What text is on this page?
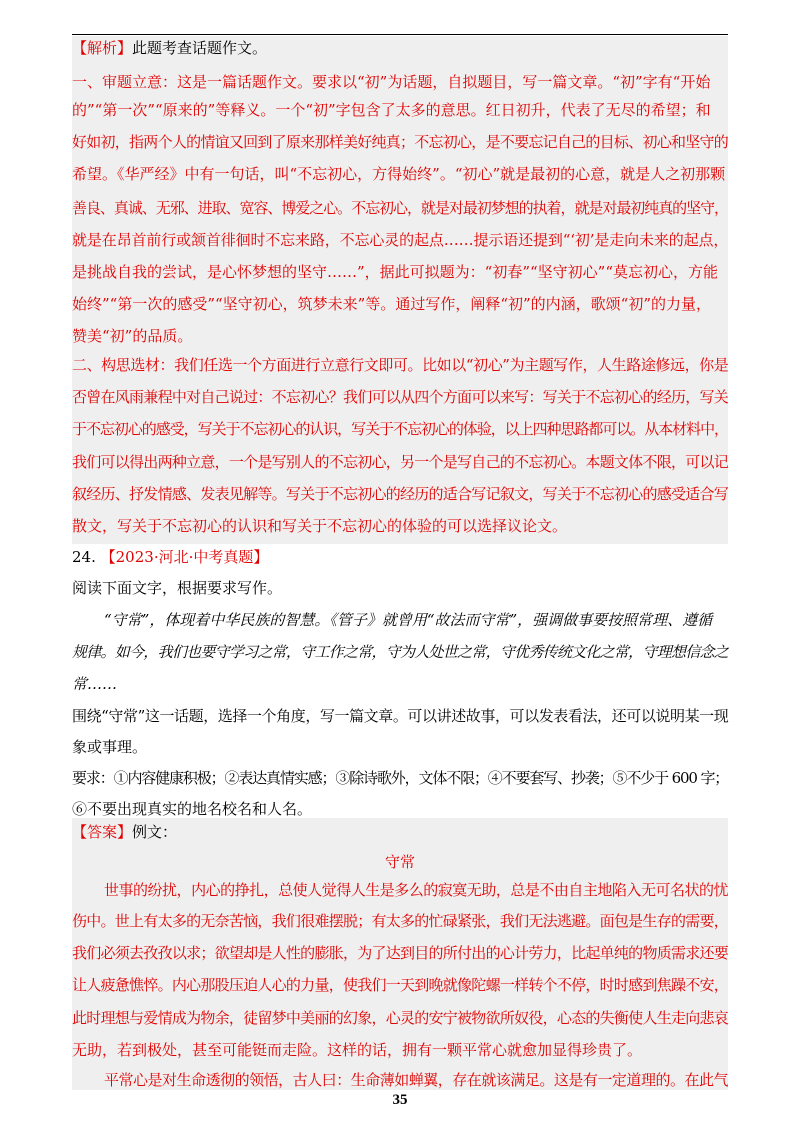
【解析】此题考查话题作文。
一、审题立意：这是一篇话题作文。要求以“初”为话题，自拟题目，写一篇文章。“初”字有“开始
的”“第一次”“原来的”等释义。一个“初”字包含了太多的意思。红日初升，代表了无尽的希望；和
好如初，指两个人的情谊又回到了原来那样美好纯真；不忘初心，是不要忘记自己的目标、初心和坚守的
希望。《华严经》中有一句话，叫“不忘初心，方得始终”。“初心”就是最初的心意，就是人之初那颗
善良、真诚、无邪、进取、宽容、博爱之心。不忘初心，就是对最初梦想的执着，就是对最初纯真的坚守，
就是在昂首前行或颔首徘徊时不忘来路，不忘心灵的起点……提示语还提到“‘初’是走向未来的起点，
是挑战自我的尝试，是心怀梦想的坚守……”，据此可拟题为：“初春”“坚守初心”“莫忘初心，方能
始终”“第一次的感受”“坚守初心，筑梦未来”等。通过写作，阐释“初”的内涵，歌颂“初”的力量，
赞美“初”的品质。
二、构思选材：我们任选一个方面进行立意行文即可。比如以“初心”为主题写作，人生路途修远，你是
否曾在风雨兼程中对自己说过：不忘初心？我们可以从四个方面可以来写：写关于不忘初心的经历，写关
于不忘初心的感受，写关于不忘初心的认识，写关于不忘初心的体验，以上四种思路都可以。从本材料中，
我们可以得出两种立意，一个是写别人的不忘初心，另一个是写自己的不忘初心。本题文体不限，可以记
叙经历、抒发情感、发表见解等。写关于不忘初心的经历的适合写记叙文，写关于不忘初心的感受适合写
散文，写关于不忘初心的认识和写关于不忘初心的体验的可以选择议论文。
24. 【2023·河北·中考真题】
阅读下面文字，根据要求写作。
“守常”，体现着中华民族的智慧。《管子》就曾用“故法而守常”，强调做事要按照常理、遵循
规律。如今，我们也要守学习之常，守工作之常，守为人处世之常，守优秀传统文化之常，守理想信念之
常……
围绕“守常”这一话题，选择一个角度，写一篇文章。可以讲述故事，可以发表看法，还可以说明某一现
象或事理。
要求：①内容健康积极；②表达真情实感；③除诗歌外，文体不限；④不要套写、抄袭；⑤不少于 600 字；
⑥不要出现真实的地名校名和人名。
【答案】例文：
守常
世事的纷扰，内心的挣扎，总使人觉得人生是多么的寂寞无助，总是不由自主地陷入无可名状的忧
伤中。世上有太多的无奈苦恼，我们很难摆脱；有太多的忙碌紧张，我们无法逃避。面包是生存的需要，
我们必须去孜孜以求；欲望却是人性的膨胀，为了达到目的所付出的心计劳力，比起单纯的物质需求还要
让人疲惫憔悴。内心那股压迫人心的力量，使我们一天到晚就像陀螺一样转个不停，时时感到焦躁不安，
此时理想与爱情成为物余，徒留梦中美丽的幻象，心灵的安宁被物欲所奴役，心态的失衡使人生走向悲哀
无助，若到极处，甚至可能铤而走险。这样的话，拥有一颗平常心就愈加显得珍贵了。
平常心是对生命透彻的领悟，古人曰：生命薄如蝉翼，存在就该满足。这是有一定道理的。在此气
35
